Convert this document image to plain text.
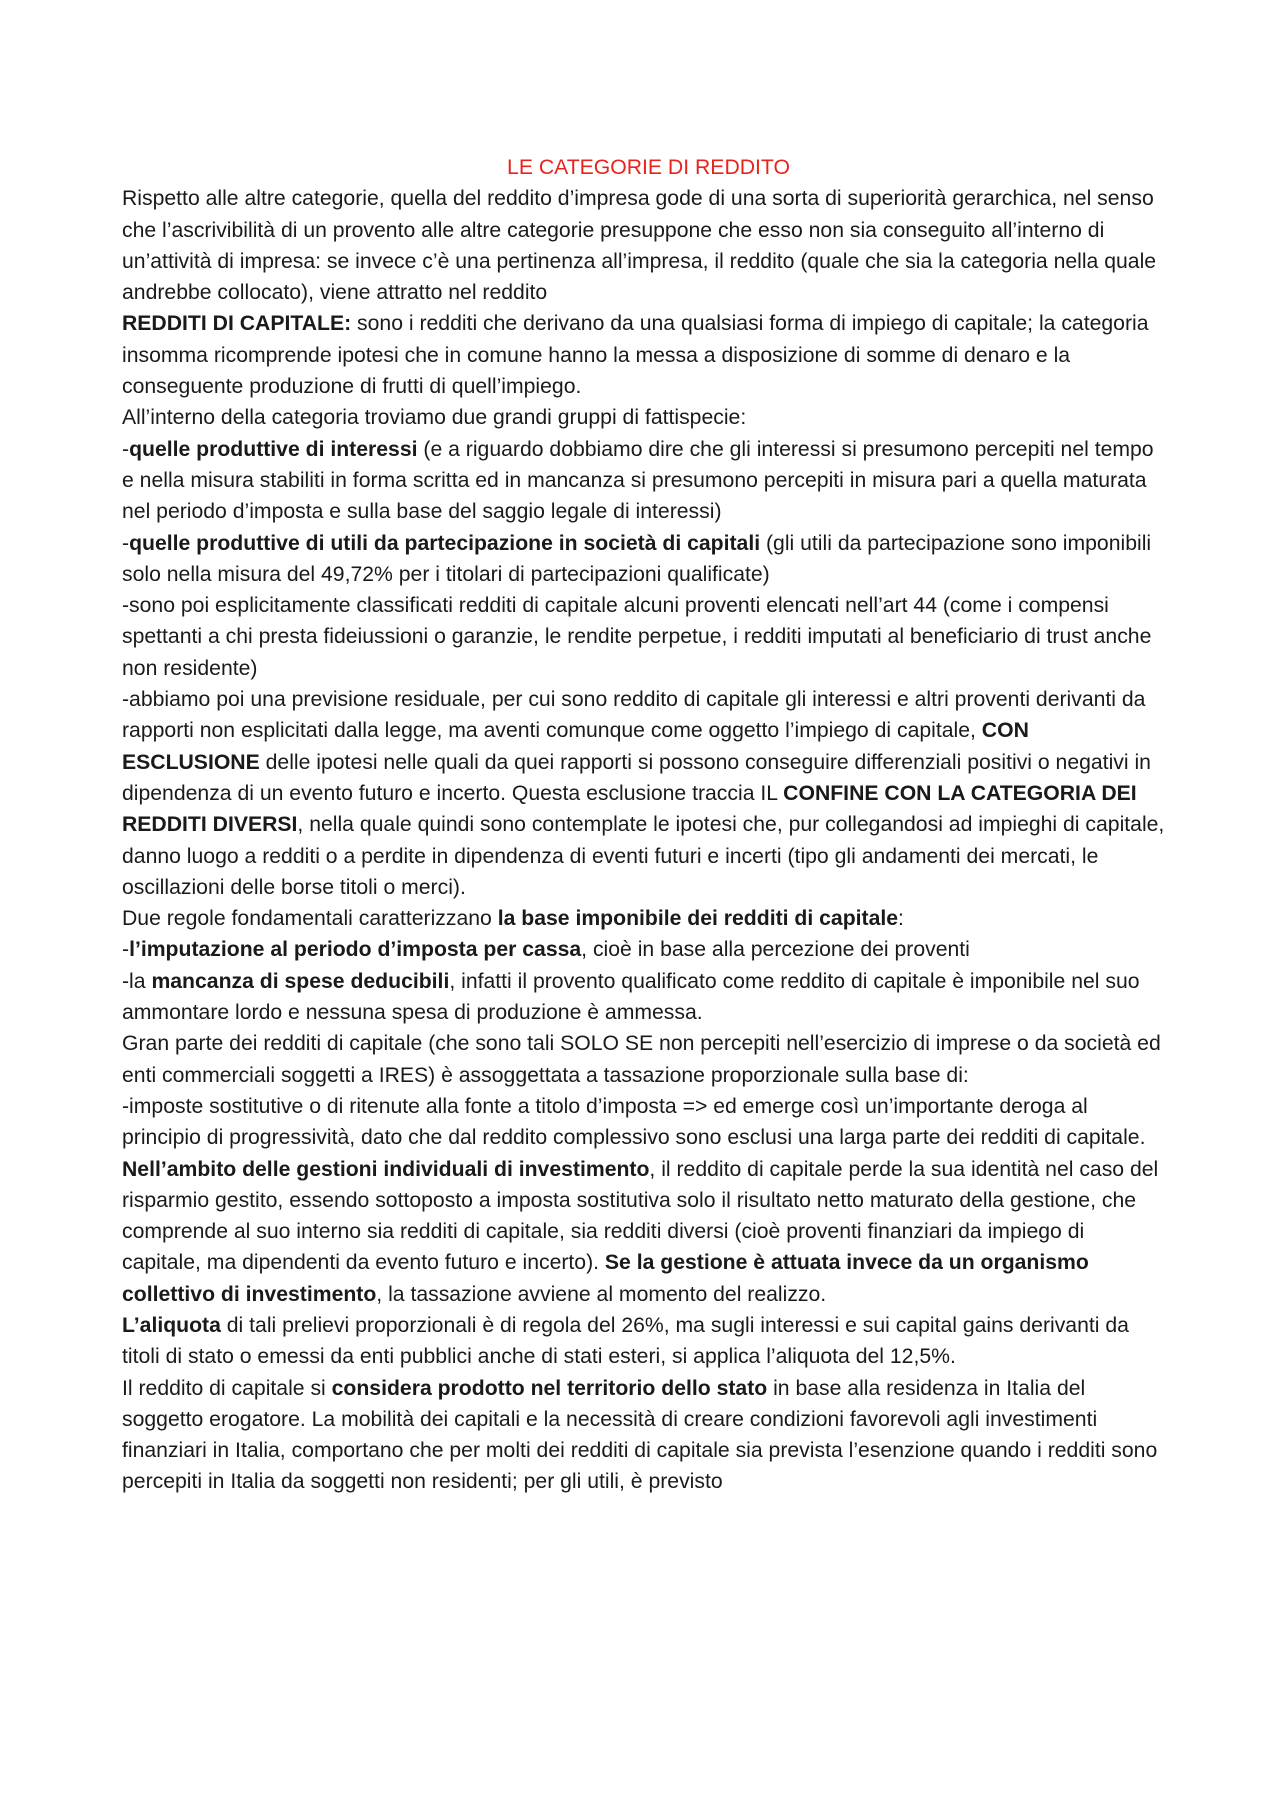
LE CATEGORIE DI REDDITO

Rispetto alle altre categorie, quella del reddito d’impresa gode di una sorta di superiorità gerarchica, nel senso che l’ascrivibilità di un provento alle altre categorie presuppone che esso non sia conseguito all’interno di un’attività di impresa: se invece c’è una pertinenza all’impresa, il reddito (quale che sia la categoria nella quale andrebbe collocato), viene attratto nel reddito

REDDITI DI CAPITALE: sono i redditi che derivano da una qualsiasi forma di impiego di capitale; la categoria insomma ricomprende ipotesi che in comune hanno la messa a disposizione di somme di denaro e la conseguente produzione di frutti di quell’impiego.

All’interno della categoria troviamo due grandi gruppi di fattispecie:

-quelle produttive di interessi (e a riguardo dobbiamo dire che gli interessi si presumono percepiti nel tempo e nella misura stabiliti in forma scritta ed in mancanza si presumono percepiti in misura pari a quella maturata nel periodo d’imposta e sulla base del saggio legale di interessi)

-quelle produttive di utili da partecipazione in società di capitali (gli utili da partecipazione sono imponibili solo nella misura del 49,72% per i titolari di partecipazioni qualificate)

-sono poi esplicitamente classificati redditi di capitale alcuni proventi elencati nell’art 44 (come i compensi spettanti a chi presta fideiussioni o garanzie, le rendite perpetue, i redditi imputati al beneficiario di trust anche non residente)

-abbiamo poi una previsione residuale, per cui sono reddito di capitale gli interessi e altri proventi derivanti da rapporti non esplicitati dalla legge, ma aventi comunque come oggetto l’impiego di capitale, CON ESCLUSIONE delle ipotesi nelle quali da quei rapporti si possono conseguire differenziali positivi o negativi in dipendenza di un evento futuro e incerto. Questa esclusione traccia IL CONFINE CON LA CATEGORIA DEI REDDITI DIVERSI, nella quale quindi sono contemplate le ipotesi che, pur collegandosi ad impieghi di capitale, danno luogo a redditi o a perdite in dipendenza di eventi futuri e incerti (tipo gli andamenti dei mercati, le oscillazioni delle borse titoli o merci).

Due regole fondamentali caratterizzano la base imponibile dei redditi di capitale:

-l’imputazione al periodo d’imposta per cassa, cioè in base alla percezione dei proventi

-la mancanza di spese deducibili, infatti il provento qualificato come reddito di capitale è imponibile nel suo ammontare lordo e nessuna spesa di produzione è ammessa.

Gran parte dei redditi di capitale (che sono tali SOLO SE non percepiti nell’esercizio di imprese o da società ed enti commerciali soggetti a IRES) è assoggettata a tassazione proporzionale sulla base di:

-imposte sostitutive o di ritenute alla fonte a titolo d’imposta => ed emerge così un’importante deroga al principio di progressività, dato che dal reddito complessivo sono esclusi una larga parte dei redditi di capitale.

Nell’ambito delle gestioni individuali di investimento, il reddito di capitale perde la sua identità nel caso del risparmio gestito, essendo sottoposto a imposta sostitutiva solo il risultato netto maturato della gestione, che comprende al suo interno sia redditi di capitale, sia redditi diversi (cioè proventi finanziari da impiego di capitale, ma dipendenti da evento futuro e incerto). Se la gestione è attuata invece da un organismo collettivo di investimento, la tassazione avviene al momento del realizzo.

L’aliquota di tali prelievi proporzionali è di regola del 26%, ma sugli interessi e sui capital gains derivanti da titoli di stato o emessi da enti pubblici anche di stati esteri, si applica l’aliquota del 12,5%.

Il reddito di capitale si considera prodotto nel territorio dello stato in base alla residenza in Italia del soggetto erogatore. La mobilità dei capitali e la necessità di creare condizioni favorevoli agli investimenti finanziari in Italia, comportano che per molti dei redditi di capitale sia prevista l’esenzione quando i redditi sono percepiti in Italia da soggetti non residenti; per gli utili, è previsto
